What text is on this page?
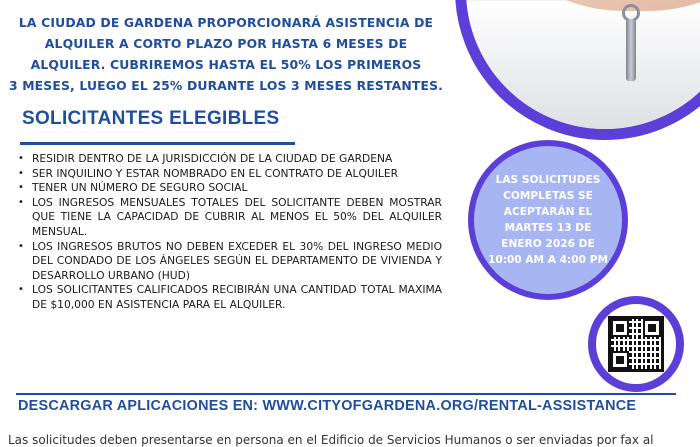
LA CIUDAD DE GARDENA PROPORCIONARÁ ASISTENCIA DE
ALQUILER A CORTO PLAZO POR HASTA 6 MESES DE
ALQUILER. CUBRIREMOS HASTA EL 50% LOS PRIMEROS
3 MESES, LUEGO EL 25% DURANTE LOS 3 MESES RESTANTES.
SOLICITANTES ELEGIBLES
• RESIDIR DENTRO DE LA JURISDICCIÓN DE LA CIUDAD DE GARDENA
• SER INQUILINO Y ESTAR NOMBRADO EN EL CONTRATO DE ALQUILER
• TENER UN NÚMERO DE SEGURO SOCIAL
• LOS INGRESOS MENSUALES TOTALES DEL SOLICITANTE DEBEN MOSTRAR QUE TIENE LA CAPACIDAD DE CUBRIR AL MENOS EL 50% DEL ALQUILER MENSUAL.
• LOS INGRESOS BRUTOS NO DEBEN EXCEDER EL 30% DEL INGRESO MEDIO DEL CONDADO DE LOS ÁNGELES SEGÚN EL DEPARTAMENTO DE VIVIENDA Y DESARROLLO URBANO (HUD)
• LOS SOLICITANTES CALIFICADOS RECIBIRÁN UNA CANTIDAD TOTAL MAXIMA DE $10,000 EN ASISTENCIA PARA EL ALQUILER.
LAS SOLICITUDES COMPLETAS SE ACEPTARÁN EL MARTES 13 DE ENERO 2026 DE 10:00 AM A 4:00 PM
DESCARGAR APLICACIONES EN: WWW.CITYOFGARDENA.ORG/RENTAL-ASSISTANCE
Las solicitudes deben presentarse en persona en el Edificio de Servicios Humanos o ser enviadas por fax al
